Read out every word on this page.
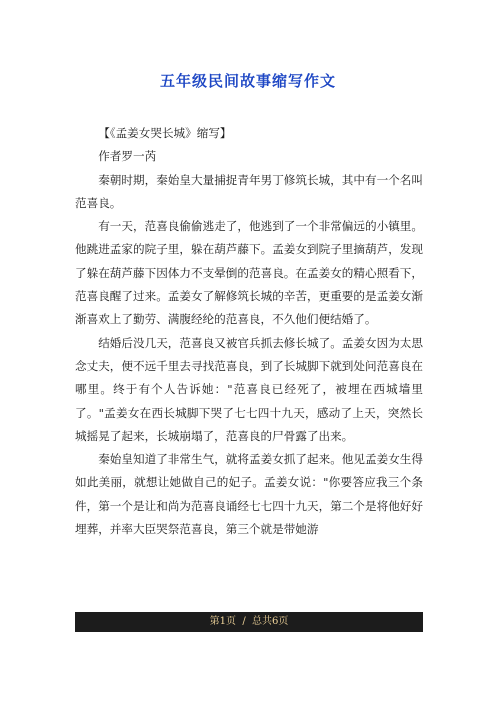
五年级民间故事缩写作文

【《孟姜女哭长城》缩写】

作者罗一芮

秦朝时期，秦始皇大量捕捉青年男丁修筑长城，其中有一个名叫范喜良。

有一天，范喜良偷偷逃走了，他逃到了一个非常偏远的小镇里。他跳进孟家的院子里，躲在葫芦藤下。孟姜女到院子里摘葫芦，发现了躲在葫芦藤下因体力不支晕倒的范喜良。在孟姜女的精心照看下，范喜良醒了过来。孟姜女了解修筑长城的辛苦，更重要的是孟姜女渐渐喜欢上了勤劳、满腹经纶的范喜良，不久他们便结婚了。

结婚后没几天，范喜良又被官兵抓去修长城了。孟姜女因为太思念丈夫，便不远千里去寻找范喜良，到了长城脚下就到处问范喜良在哪里。终于有个人告诉她："范喜良已经死了，被埋在西城墙里了。"孟姜女在西长城脚下哭了七七四十九天，感动了上天，突然长城摇晃了起来，长城崩塌了，范喜良的尸骨露了出来。

秦始皇知道了非常生气，就将孟姜女抓了起来。他见孟姜女生得如此美丽，就想让她做自己的妃子。孟姜女说："你要答应我三个条件，第一个是让和尚为范喜良诵经七七四十九天，第二个是将他好好埋葬，并率大臣哭祭范喜良，第三个就是带她游

第1页  /  总共6页
